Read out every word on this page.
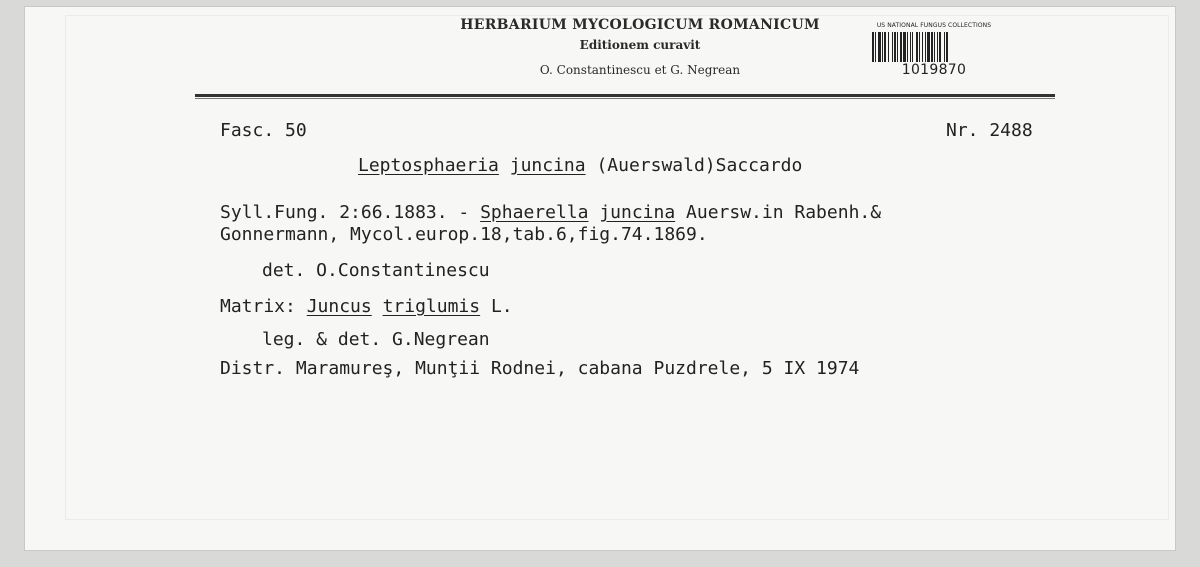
HERBARIUM MYCOLOGICUM ROMANICUM
Editionem curavit
O. Constantinescu et G. Negrean
US NATIONAL FUNGUS COLLECTIONS
1019870
Fasc. 50	Nr. 2488
Leptosphaeria juncina (Auerswald)Saccardo
Syll.Fung. 2:66.1883. - Sphaerella juncina Auersw.in Rabenh.&
Gonnermann, Mycol.europ.18,tab.6,fig.74.1869.
det. O.Constantinescu
Matrix: Juncus triglumis L.
leg. & det. G.Negrean
Distr. Maramureş, Munţii Rodnei, cabana Puzdrele, 5 IX 1974
